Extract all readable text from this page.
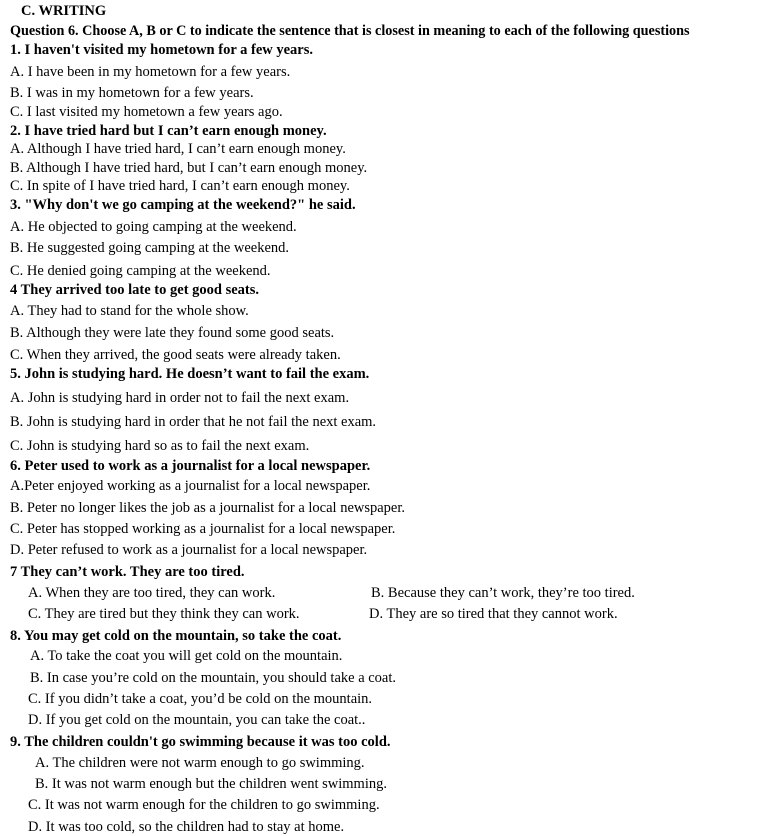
C. WRITING
Question 6. Choose A, B or C to indicate the sentence that is closest in meaning to each of the following questions
1. I haven't visited my hometown for a few years.
A. I have been in my hometown for a few years.
B. I was in my hometown for a few years.
C. I last visited my hometown a few years ago.
2. I have tried hard but I can’t earn enough money.
A. Although I have tried hard, I can’t earn enough money.
B. Although I have tried hard, but I can’t earn enough money.
C. In spite of I have tried hard, I can’t earn enough money.
3. "Why don't we go camping at the weekend?" he said.
A. He objected to going camping at the weekend.
B. He suggested going camping at the weekend.
C. He denied going camping at the weekend.
4 They arrived too late to get good seats.
A. They had to stand for the whole show.
B. Although they were late they found some good seats.
C. When they arrived, the good seats were already taken.
5. John is studying hard. He doesn’t want to fail the exam.
A. John is studying hard in order not to fail the next exam.
B. John is studying hard in order that he not fail the next exam.
C. John is studying hard so as to fail the next exam.
6. Peter used to work as a journalist for a local newspaper.
A.Peter enjoyed working as a journalist for a local newspaper.
B. Peter no longer likes the job as a journalist for a local newspaper.
C. Peter has stopped working as a journalist for a local newspaper.
D. Peter refused to work as a journalist for a local newspaper.
7 They can’t work. They are too tired.
A. When they are too tired, they can work.	B. Because they can’t work, they’re too tired.
C. They are tired but they think they can work.	D. They are so tired that they cannot work.
8. You may get cold on the mountain, so take the coat.
A. To take the coat you will get cold on the mountain.
B. In case you’re cold on the mountain, you should take a coat.
C. If you didn’t take a coat, you’d be cold on the mountain.
D. If you get cold on the mountain, you can take the coat..
9. The children couldn't go swimming because it was too cold.
A. The children were not warm enough to go swimming.
B. It was not warm enough but the children went swimming.
C. It was not warm enough for the children to go swimming.
D. It was too cold, so the children had to stay at home.
